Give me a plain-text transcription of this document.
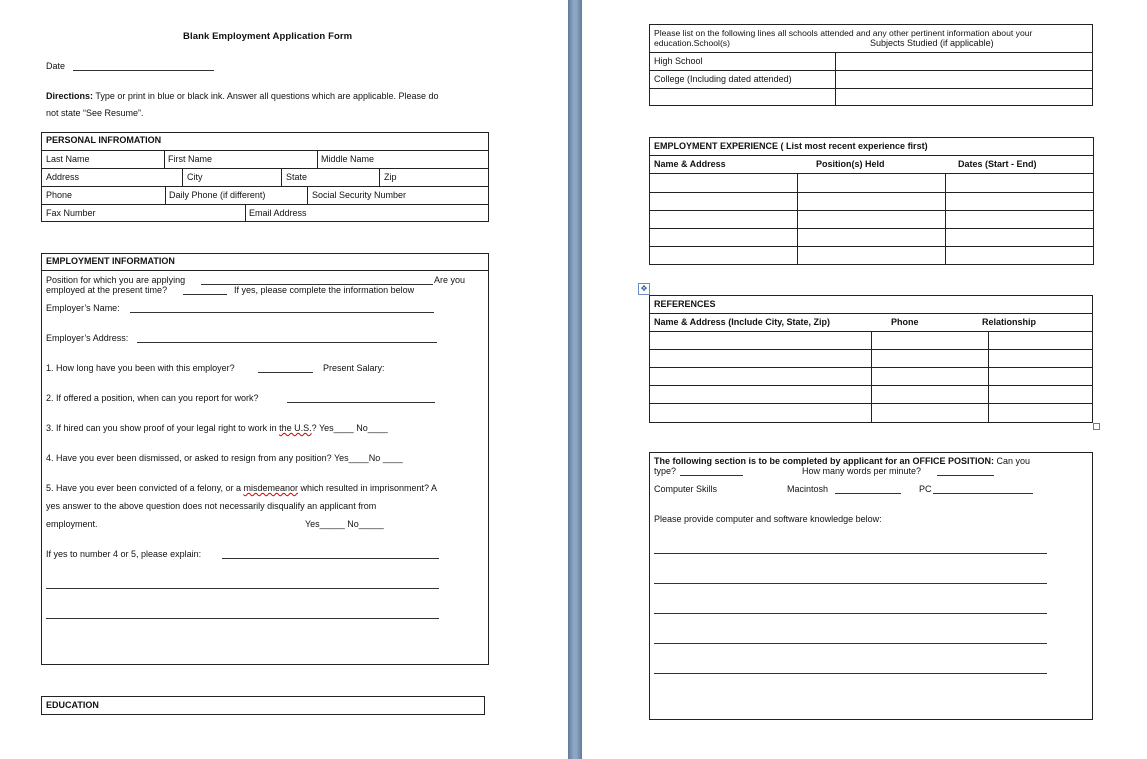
Blank Employment Application Form
Date
Directions: Type or print in blue or black ink. Answer all questions which are applicable. Please do
not state “See Resume”.
PERSONAL INFROMATION
Last Name	First Name	Middle Name
Address	City	State	Zip
Phone	Daily Phone (if different)	Social Security Number
Fax Number	Email Address
EMPLOYMENT INFORMATION
Position for which you are applying	Are you
employed at the present time?	If yes, please complete the information below
Employer’s Name:
Employer’s Address:
1. How long have you been with this employer?	Present Salary:
2. If offered a position, when can you report for work?
3. If hired can you show proof of your legal right to work in the U.S.? Yes____ No____
4. Have you ever been dismissed, or asked to resign from any position? Yes____No ____
5. Have you ever been convicted of a felony, or a misdemeanor which resulted in imprisonment? A
yes answer to the above question does not necessarily disqualify an applicant from
employment.	Yes_____ No_____
If yes to number 4 or 5, please explain:
EDUCATION
Please list on the following lines all schools attended and any other pertinent information about your
education.School(s)	Subjects Studied (if applicable)
High School
College (Including dated attended)
EMPLOYMENT EXPERIENCE ( List most recent experience first)
Name & Address	Position(s) Held	Dates (Start - End)
✥
REFERENCES
Name & Address (Include City, State, Zip)	Phone	Relationship
The following section is to be completed by applicant for an OFFICE POSITION: Can you
type?	How many words per minute?
Computer Skills	Macintosh	PC
Please provide computer and software knowledge below:
